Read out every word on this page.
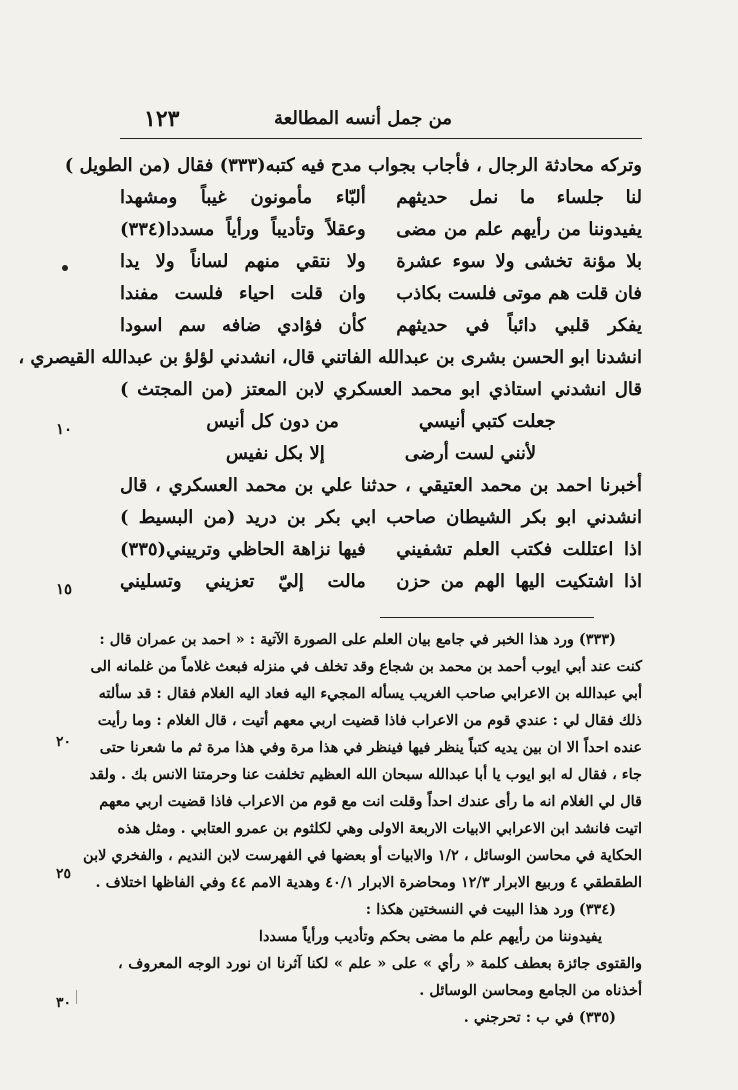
١٢٣	من جمل أنسه المطالعة
وتركه محادثة الرجال ، فأجاب بجواب مدح فيه كتبه(٣٣٣) فقال (من الطويل )
لنا جلساء ما نمل حديثهم
ألبّاء مأمونون غيباً ومشهدا
يفيدوننا من رأيهم علم من مضى
وعقلاً وتأديباً ورأياً مسددا(٣٣٤)
بلا مؤنة تخشى ولا سوء عشرة
ولا نتقي منهم لساناً ولا يدا
فان قلت هم موتى فلست بكاذب
وان قلت احياء فلست مفندا
يفكر قلبي دائباً في حديثهم
كأن فؤادي ضافه سم اسودا
انشدنا ابو الحسن بشرى بن عبدالله الفاتني قال، انشدني لؤلؤ بن عبدالله القيصري ،
قال انشدني استاذي ابو محمد العسكري لابن المعتز (من المجتث )
جعلت كتبي أنيسي
من دون كل أنيس
لأنني لست أرضى
إلا بكل نفيس
أخبرنا احمد بن محمد العتيقي ، حدثنا علي بن محمد العسكري ، قال
انشدني ابو بكر الشيطان صاحب ابي بكر بن دريد (من البسيط )
اذا اعتللت فكتب العلم تشفيني
فيها نزاهة الحاظي وترييني(٣٣٥)
اذا اشتكيت اليها الهم من حزن
مالت إليّ تعزيني وتسليني
١٠
١٥
(٣٣٣) ورد هذا الخبر في جامع بيان العلم على الصورة الآتية : « احمد بن عمران قال :
كنت عند أبي ايوب أحمد بن محمد بن شجاع وقد تخلف في منزله فبعث غلاماً من غلمانه الى
أبي عبدالله بن الاعرابي صاحب الغريب يسأله المجيء اليه فعاد اليه الغلام فقال : قد سألته
ذلك فقال لي : عندي قوم من الاعراب فاذا قضيت اربي معهم أتيت ، قال الغلام : وما رأيت
عنده احداً الا ان بين يديه كتباً ينظر فيها فينظر في هذا مرة وفي هذا مرة ثم ما شعرنا حتى
جاء ، فقال له ابو ايوب يا أبا عبدالله سبحان الله العظيم تخلفت عنا وحرمتنا الانس بك . ولقد
قال لي الغلام انه ما رأى عندك احداً وقلت انت مع قوم من الاعراب فاذا قضيت اربي معهم
اتيت فانشد ابن الاعرابي الابيات الاربعة الاولى وهي لكلثوم بن عمرو العتابي . ومثل هذه
الحكاية في محاسن الوسائل ، ١/٢ والابيات أو بعضها في الفهرست لابن النديم ، والفخري لابن
الطقطقي ٤ وربيع الابرار ١٢/٣ ومحاضرة الابرار ٤٠/١ وهدية الامم ٤٤ وفي الفاظها اختلاف .
(٣٣٤) ورد هذا البيت في النسختين هكذا :
يفيدوننا من رأيهم علم ما مضى بحكم وتأديب ورأياً مسددا
والقتوى جائزة بعطف كلمة « رأي » على « علم » لكنا آثرنا ان نورد الوجه المعروف ،
أخذناه من الجامع ومحاسن الوسائل .
(٣٣٥) في ب : تحرجني .
٢٠
٢٥
٣٠
